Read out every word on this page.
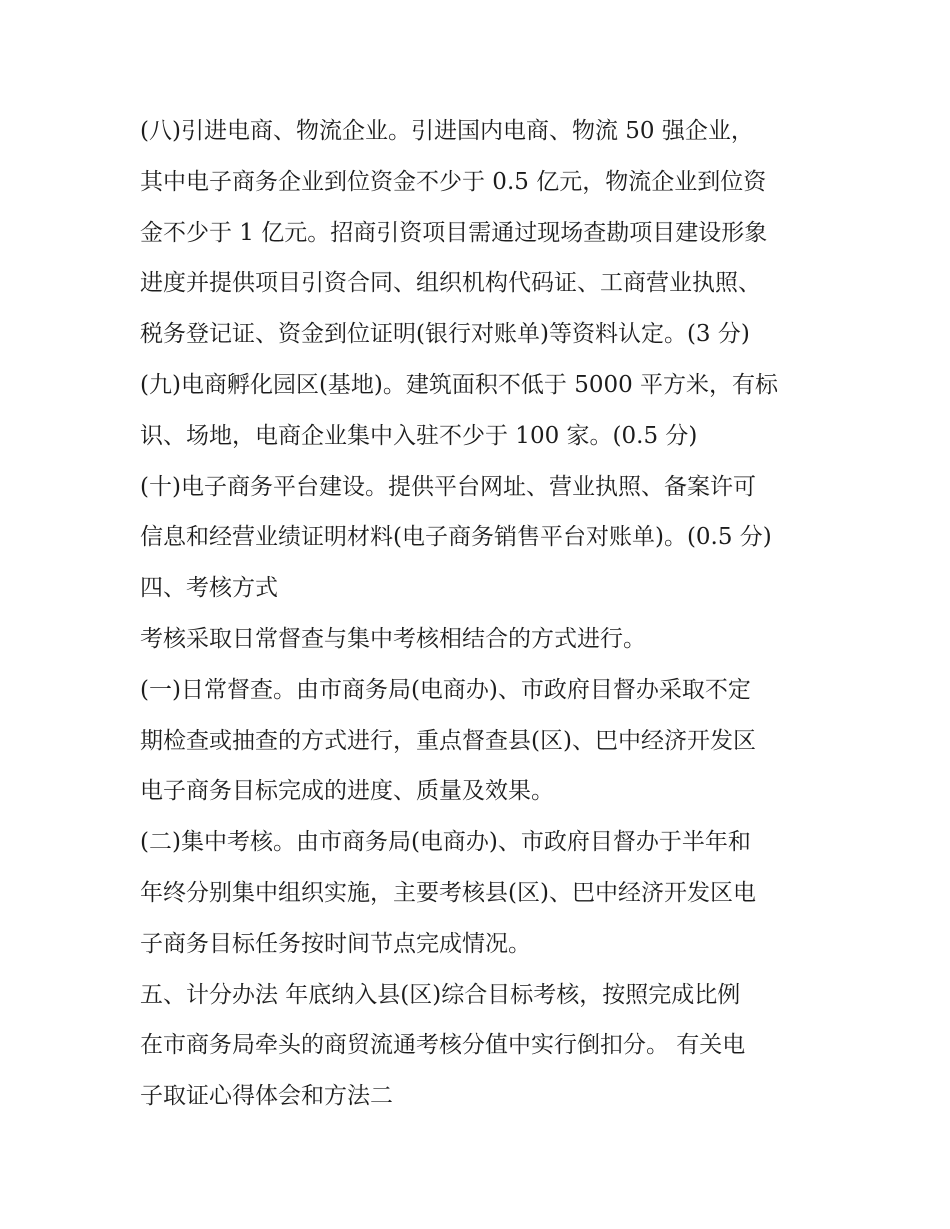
(八)引进电商、物流企业。引进国内电商、物流 50 强企业，
其中电子商务企业到位资金不少于 0.5 亿元，物流企业到位资
金不少于 1 亿元。招商引资项目需通过现场查勘项目建设形象
进度并提供项目引资合同、组织机构代码证、工商营业执照、
税务登记证、资金到位证明(银行对账单)等资料认定。(3 分)
(九)电商孵化园区(基地)。建筑面积不低于 5000 平方米，有标
识、场地，电商企业集中入驻不少于 100 家。(0.5 分)
(十)电子商务平台建设。提供平台网址、营业执照、备案许可
信息和经营业绩证明材料(电子商务销售平台对账单)。(0.5 分)
四、考核方式
考核采取日常督查与集中考核相结合的方式进行。
(一)日常督查。由市商务局(电商办)、市政府目督办采取不定
期检查或抽查的方式进行，重点督查县(区)、巴中经济开发区
电子商务目标完成的进度、质量及效果。
(二)集中考核。由市商务局(电商办)、市政府目督办于半年和
年终分别集中组织实施，主要考核县(区)、巴中经济开发区电
子商务目标任务按时间节点完成情况。
五、计分办法 年底纳入县(区)综合目标考核，按照完成比例
在市商务局牵头的商贸流通考核分值中实行倒扣分。 有关电
子取证心得体会和方法二
